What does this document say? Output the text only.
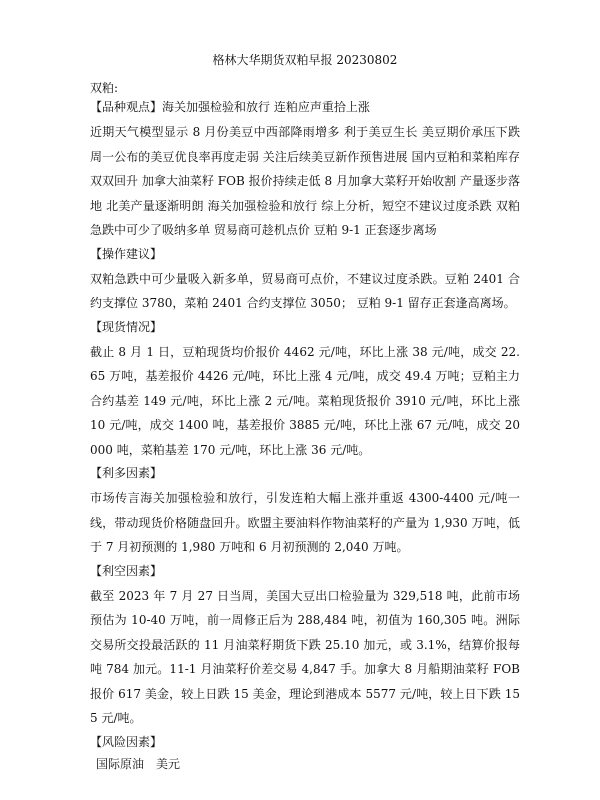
格林大华期货双粕早报 20230802
双粕:
【品种观点】海关加强检验和放行 连粕应声重拾上涨
近期天气模型显示 8 月份美豆中西部降雨增多 利于美豆生长 美豆期价承压下跌 周一公布的美豆优良率再度走弱 关注后续美豆新作预售进展 国内豆粕和菜粕库存双双回升 加拿大油菜籽 FOB 报价持续走低 8 月加拿大菜籽开始收割 产量逐步落地 北美产量逐渐明朗 海关加强检验和放行 综上分析，短空不建议过度杀跌 双粕急跌中可少了吸纳多单 贸易商可趁机点价 豆粕 9-1 正套逐步离场
【操作建议】
双粕急跌中可少量吸入新多单，贸易商可点价，不建议过度杀跌。豆粕 2401 合约支撑位 3780，菜粕 2401 合约支撑位 3050； 豆粕 9-1 留存正套逢高离场。
【现货情况】
截止 8 月 1 日，豆粕现货均价报价 4462 元/吨，环比上涨 38 元/吨，成交 22.65 万吨，基差报价 4426 元/吨，环比上涨 4 元/吨，成交 49.4 万吨；豆粕主力合约基差 149 元/吨，环比上涨 2 元/吨。菜粕现货报价 3910 元/吨，环比上涨 10 元/吨，成交 1400 吨，基差报价 3885 元/吨，环比上涨 67 元/吨，成交 20000 吨，菜粕基差 170 元/吨，环比上涨 36 元/吨。
【利多因素】
市场传言海关加强检验和放行，引发连粕大幅上涨并重返 4300-4400 元/吨一线，带动现货价格随盘回升。欧盟主要油料作物油菜籽的产量为 1,930 万吨，低于 7 月初预测的 1,980 万吨和 6 月初预测的 2,040 万吨。
【利空因素】
截至 2023 年 7 月 27 日当周，美国大豆出口检验量为 329,518 吨，此前市场预估为 10-40 万吨，前一周修正后为 288,484 吨，初值为 160,305 吨。洲际交易所交投最活跃的 11 月油菜籽期货下跌 25.10 加元，或 3.1%，结算价报每吨 784 加元。11-1 月油菜籽价差交易 4,847 手。加拿大 8 月船期油菜籽 FOB 报价 617 美金，较上日跌 15 美金，理论到港成本 5577 元/吨，较上日下跌 155 元/吨。
【风险因素】
国际原油　美元
